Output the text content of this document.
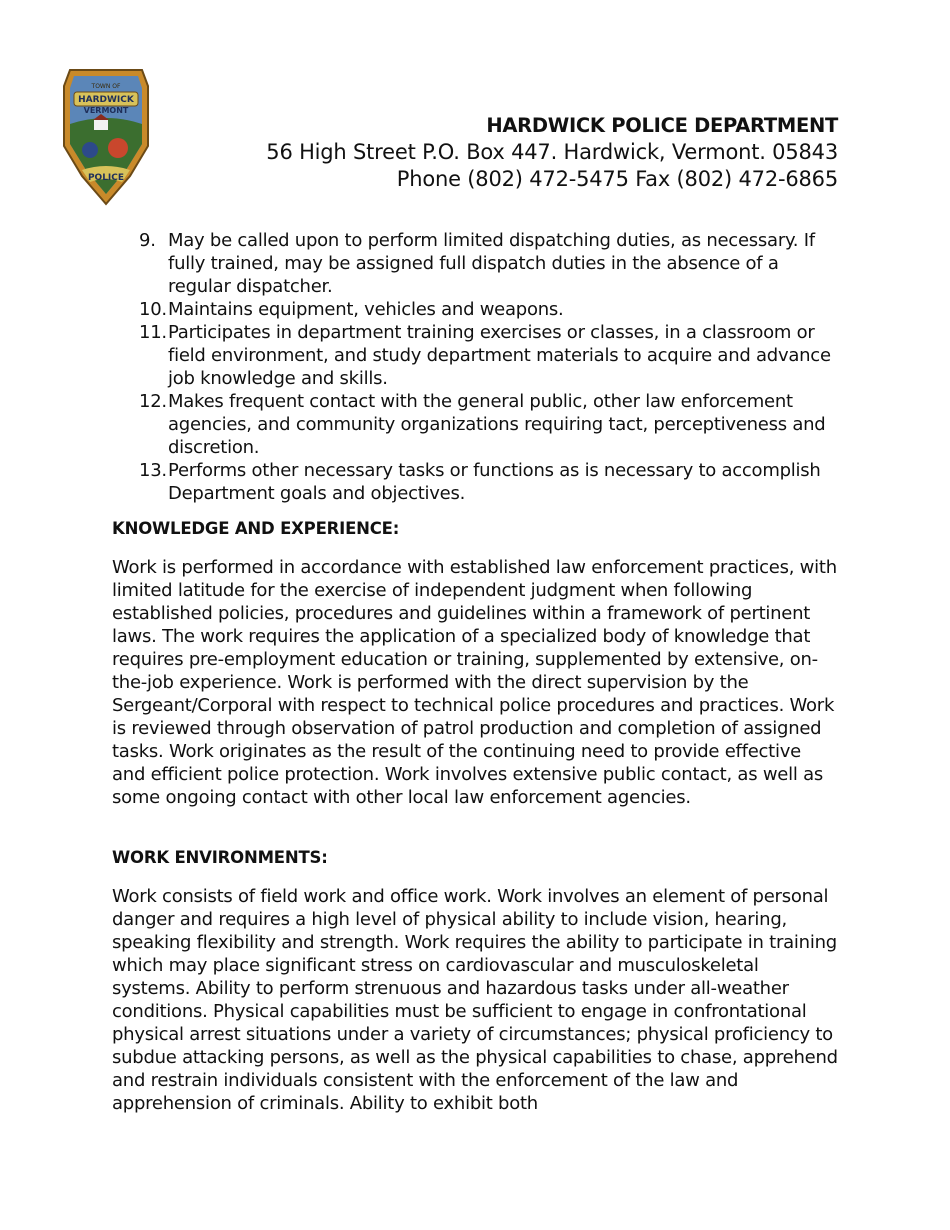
TOWN OF
HARDWICK
VERMONT
POLICE
HARDWICK POLICE DEPARTMENT
56 High Street P.O. Box 447. Hardwick, Vermont. 05843
Phone (802) 472-5475 Fax (802) 472-6865
9. May be called upon to perform limited dispatching duties, as necessary. If fully trained, may be assigned full dispatch duties in the absence of a regular dispatcher.
10. Maintains equipment, vehicles and weapons.
11. Participates in department training exercises or classes, in a classroom or field environment, and study department materials to acquire and advance job knowledge and skills.
12. Makes frequent contact with the general public, other law enforcement agencies, and community organizations requiring tact, perceptiveness and discretion.
13. Performs other necessary tasks or functions as is necessary to accomplish Department goals and objectives.
KNOWLEDGE AND EXPERIENCE:

Work is performed in accordance with established law enforcement practices, with limited latitude for the exercise of independent judgment when following established policies, procedures and guidelines within a framework of pertinent laws. The work requires the application of a specialized body of knowledge that requires pre-employment education or training, supplemented by extensive, on-the-job experience. Work is performed with the direct supervision by the Sergeant/Corporal with respect to technical police procedures and practices. Work is reviewed through observation of patrol production and completion of assigned tasks. Work originates as the result of the continuing need to provide effective and efficient police protection. Work involves extensive public contact, as well as some ongoing contact with other local law enforcement agencies.

WORK ENVIRONMENTS:

Work consists of field work and office work. Work involves an element of personal danger and requires a high level of physical ability to include vision, hearing, speaking flexibility and strength. Work requires the ability to participate in training which may place significant stress on cardiovascular and musculoskeletal systems. Ability to perform strenuous and hazardous tasks under all-weather conditions. Physical capabilities must be sufficient to engage in confrontational physical arrest situations under a variety of circumstances; physical proficiency to subdue attacking persons, as well as the physical capabilities to chase, apprehend and restrain individuals consistent with the enforcement of the law and apprehension of criminals. Ability to exhibit both
